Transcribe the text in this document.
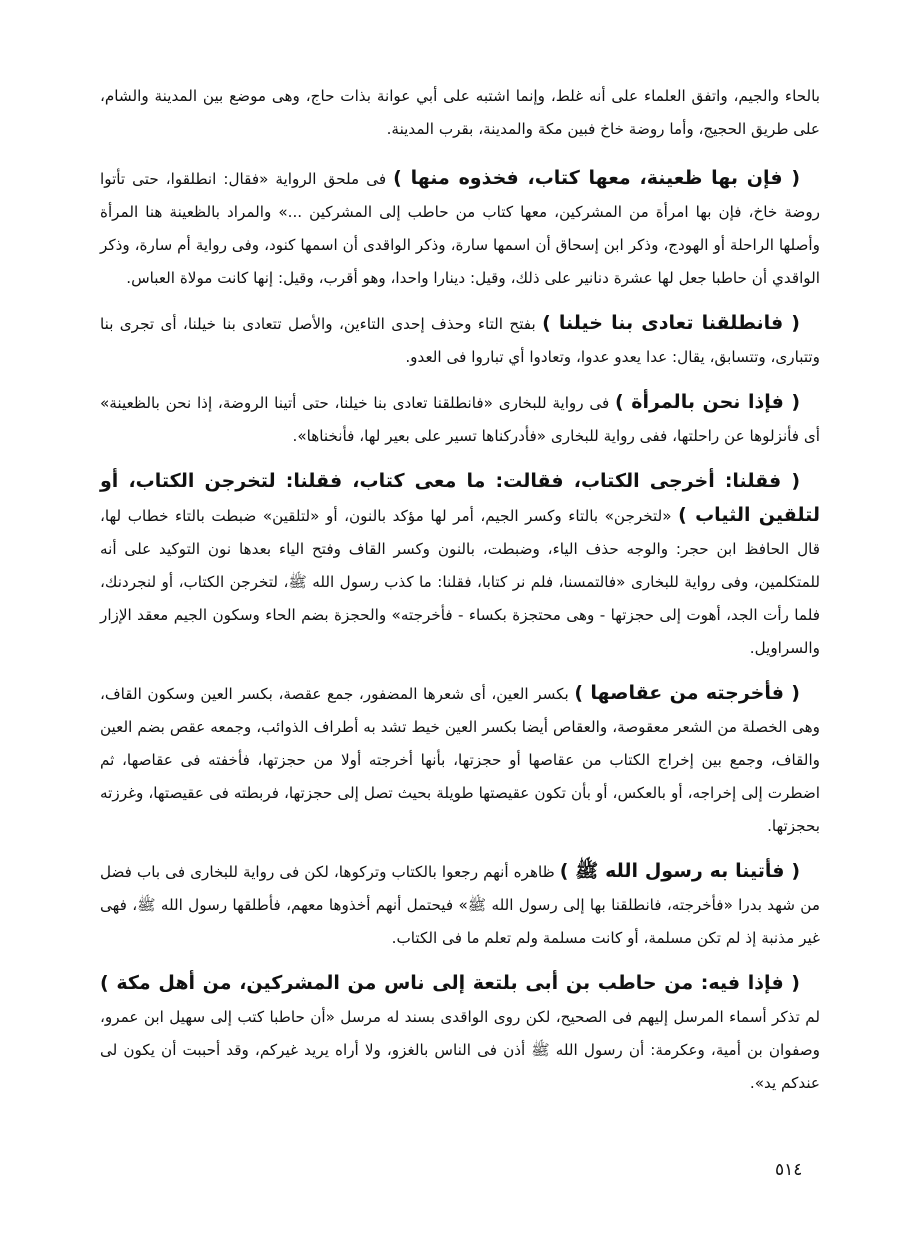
بالحاء والجيم، واتفق العلماء على أنه غلط، وإنما اشتبه على أبي عوانة بذات حاج، وهى موضع بين المدينة والشام، على طريق الحجيج، وأما روضة خاخ فبين مكة والمدينة، بقرب المدينة.

( فإن بها ظعينة، معها كتاب، فخذوه منها ) فى ملحق الرواية «فقال: انطلقوا، حتى تأتوا روضة خاخ، فإن بها امرأة من المشركين، معها كتاب من حاطب إلى المشركين ...» والمراد بالظعينة هنا المرأة وأصلها الراحلة أو الهودج، وذكر ابن إسحاق أن اسمها سارة، وذكر الواقدى أن اسمها كنود، وفى رواية أم سارة، وذكر الواقدي أن حاطبا جعل لها عشرة دنانير على ذلك، وقيل: دينارا واحدا، وهو أقرب، وقيل: إنها كانت مولاة العباس.

( فانطلقنا تعادى بنا خيلنا ) بفتح التاء وحذف إحدى التاءين، والأصل تتعادى بنا خيلنا، أى تجرى بنا وتتبارى، وتتسابق، يقال: عدا يعدو عدوا، وتعادوا أي تباروا فى العدو.

( فإذا نحن بالمرأة ) فى رواية للبخارى «فانطلقنا تعادى بنا خيلنا، حتى أتينا الروضة، إذا نحن بالظعينة» أى فأنزلوها عن راحلتها، ففى رواية للبخارى «فأدركناها تسير على بعير لها، فأنخناها».

( فقلنا: أخرجى الكتاب، فقالت: ما معى كتاب، فقلنا: لتخرجن الكتاب، أو لتلقين الثياب ) «لتخرجن» بالتاء وكسر الجيم، أمر لها مؤكد بالنون، أو «لتلقين» ضبطت بالتاء خطاب لها، قال الحافظ ابن حجر: والوجه حذف الياء، وضبطت، بالنون وكسر القاف وفتح الياء بعدها نون التوكيد على أنه للمتكلمين، وفى رواية للبخارى «فالتمسنا، فلم نر كتابا، فقلنا: ما كذب رسول الله ﷺ، لتخرجن الكتاب، أو لنجردنك، فلما رأت الجد، أهوت إلى حجزتها - وهى محتجزة بكساء - فأخرجته» والحجزة بضم الحاء وسكون الجيم معقد الإزار والسراويل.

( فأخرجته من عقاصها ) بكسر العين، أى شعرها المضفور، جمع عقصة، بكسر العين وسكون القاف، وهى الخصلة من الشعر معقوصة، والعقاص أيضا بكسر العين خيط تشد به أطراف الذوائب، وجمعه عقص بضم العين والقاف، وجمع بين إخراج الكتاب من عقاصها أو حجزتها، بأنها أخرجته أولا من حجزتها، فأخفته فى عقاصها، ثم اضطرت إلى إخراجه، أو بالعكس، أو بأن تكون عقيصتها طويلة بحيث تصل إلى حجزتها، فربطته فى عقيصتها، وغرزته بحجزتها.

( فأتينا به رسول الله ﷺ ) ظاهره أنهم رجعوا بالكتاب وتركوها، لكن فى رواية للبخارى فى باب فضل من شهد بدرا «فأخرجته، فانطلقنا بها إلى رسول الله ﷺ» فيحتمل أنهم أخذوها معهم، فأطلقها رسول الله ﷺ، فهى غير مذنبة إذ لم تكن مسلمة، أو كانت مسلمة ولم تعلم ما فى الكتاب.

( فإذا فيه: من حاطب بن أبى بلتعة إلى ناس من المشركين، من أهل مكة ) لم تذكر أسماء المرسل إليهم فى الصحيح، لكن روى الواقدى بسند له مرسل «أن حاطبا كتب إلى سهيل ابن عمرو، وصفوان بن أمية، وعكرمة: أن رسول الله ﷺ أذن فى الناس بالغزو، ولا أراه يريد غيركم، وقد أحببت أن يكون لى عندكم يد».

٥١٤
